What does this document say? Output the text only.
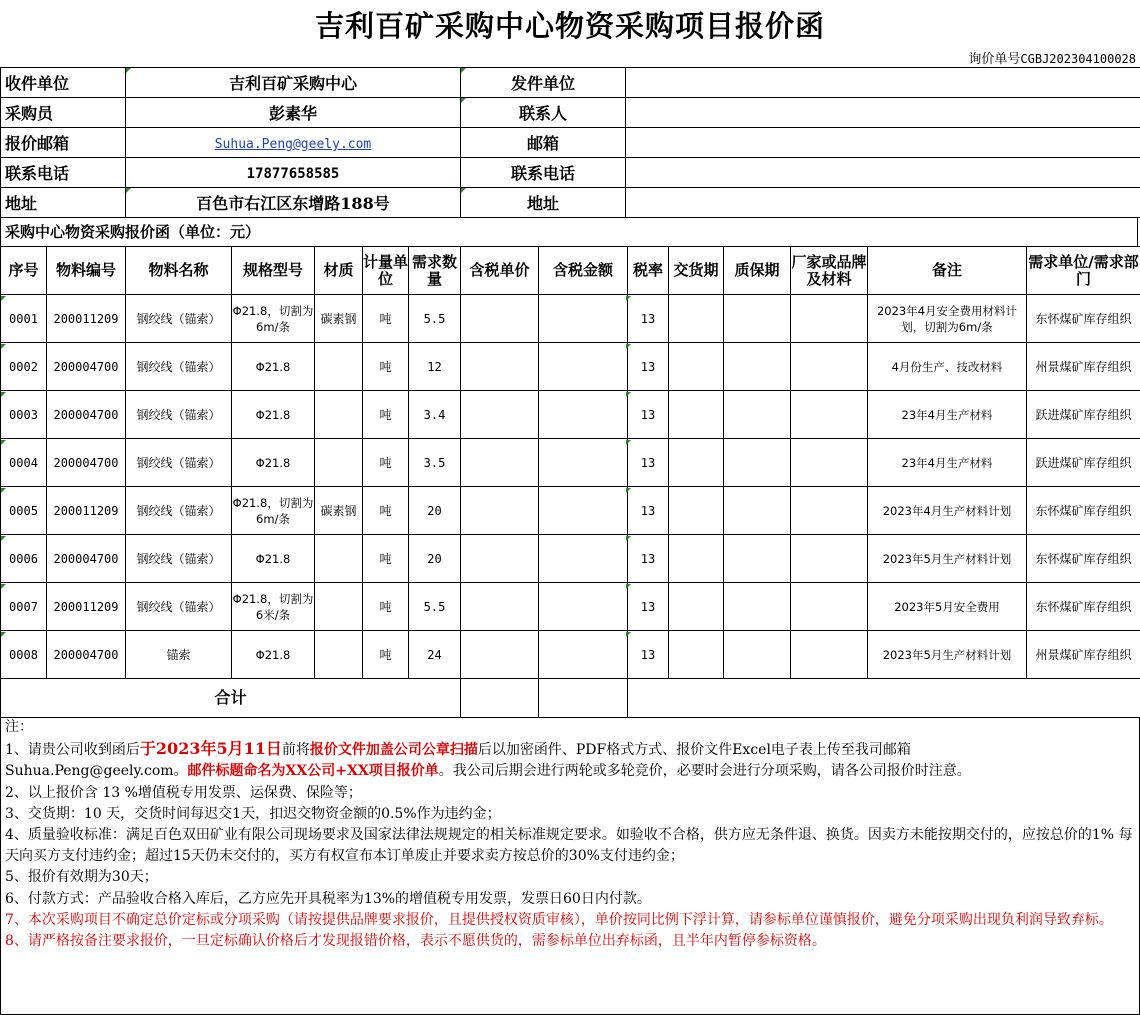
吉利百矿采购中心物资采购项目报价函
询价单号CGBJ202304100028
收件单位	吉利百矿采购中心	发件单位	
采购员	彭素华	联系人	
报价邮箱	Suhua.Peng@geely.com	邮箱	
联系电话	17877658585	联系电话	
地址	百色市右江区东增路188号	地址	
采购中心物资采购报价函（单位：元）
序号	物料编号	物料名称	规格型号	材质	计量单位	需求数量	含税单价	含税金额	税率	交货期	质保期	厂家或品牌及材料	备注	需求单位/需求部门
0001	200011209	钢绞线（锚索）	Φ21.8，切割为6m/条	碳素钢	吨	5.5			13				2023年4月安全费用材料计划，切割为6m/条	东怀煤矿库存组织
0002	200004700	钢绞线（锚索）	Φ21.8		吨	12			13				4月份生产、技改材料	州景煤矿库存组织
0003	200004700	钢绞线（锚索）	Φ21.8		吨	3.4			13				23年4月生产材料	跃进煤矿库存组织
0004	200004700	钢绞线（锚索）	Φ21.8		吨	3.5			13				23年4月生产材料	跃进煤矿库存组织
0005	200011209	钢绞线（锚索）	Φ21.8，切割为6m/条	碳素钢	吨	20			13				2023年4月生产材料计划	东怀煤矿库存组织
0006	200004700	钢绞线（锚索）	Φ21.8		吨	20			13				2023年5月生产材料计划	东怀煤矿库存组织
0007	200011209	钢绞线（锚索）	Φ21.8，切割为6米/条		吨	5.5			13				2023年5月安全费用	东怀煤矿库存组织
0008	200004700	锚索	Φ21.8		吨	24			13				2023年5月生产材料计划	州景煤矿库存组织
合计														

注：

1、请贵公司收到函后于2023年5月11日前将报价文件加盖公司公章扫描后以加密函件、PDF格式方式、报价文件Excel电子表上传至我司邮箱
Suhua.Peng@geely.com。邮件标题命名为XX公司+XX项目报价单。我公司后期会进行两轮或多轮竞价，必要时会进行分项采购，请各公司报价时注意。

2、以上报价含 13 %增值税专用发票、运保费、保险等；

3、交货期：10 天，交货时间每迟交1天，扣迟交物资金额的0.5%作为违约金；

4、质量验收标准：满足百色双田矿业有限公司现场要求及国家法律法规规定的相关标准规定要求。如验收不合格，供方应无条件退、换货。因卖方未能按期交付的，应按总价的1% 每天向买方支付违约金；超过15天仍未交付的，买方有权宣布本订单废止并要求卖方按总价的30%支付违约金；

5、报价有效期为30天；

6、付款方式：产品验收合格入库后，乙方应先开具税率为13%的增值税专用发票，发票日60日内付款。

7、本次采购项目不确定总价定标或分项采购（请按提供品牌要求报价，且提供授权资质审核），单价按同比例下浮计算，请参标单位谨慎报价，避免分项采购出现负利润导致弃标。

8、请严格按备注要求报价，一旦定标确认价格后才发现报错价格，表示不愿供货的，需参标单位出弃标函，且半年内暂停参标资格。
